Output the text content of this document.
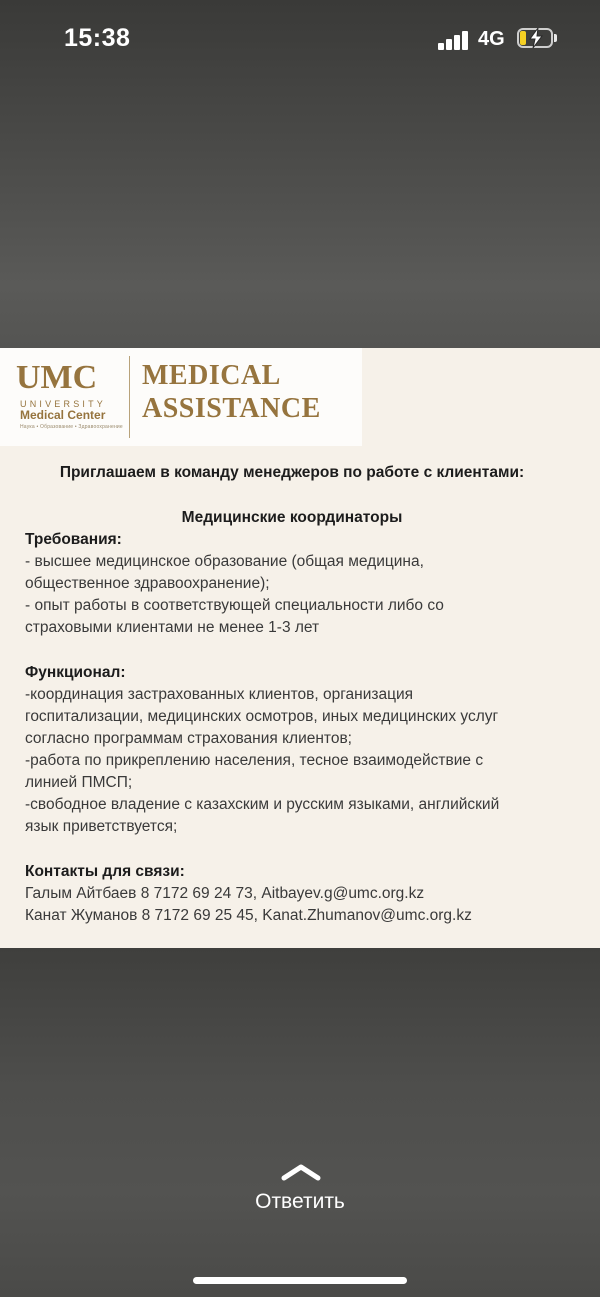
15:38	4G
UMC
UNIVERSITY
Medical Center
Наука • Образование • Здравоохранение
MEDICAL
ASSISTANCE
Приглашаем в команду менеджеров по работе с клиентами:
Медицинские координаторы
Требования:
- высшее медицинское образование (общая медицина,
общественное здравоохранение);
- опыт работы в соответствующей специальности либо со
страховыми клиентами не менее 1-3 лет
Функционал:
-координация застрахованных клиентов, организация
госпитализации, медицинских осмотров, иных медицинских услуг
согласно программам страхования клиентов;
-работа по прикреплению населения, тесное взаимодействие с
линией ПМСП;
-свободное владение с казахским и русским языками, английский
язык приветствуется;
Контакты для связи:
Галым Айтбаев 8 7172 69 24 73, Aitbayev.g@umc.org.kz
Канат Жуманов 8 7172 69 25 45, Kanat.Zhumanov@umc.org.kz
Ответить
